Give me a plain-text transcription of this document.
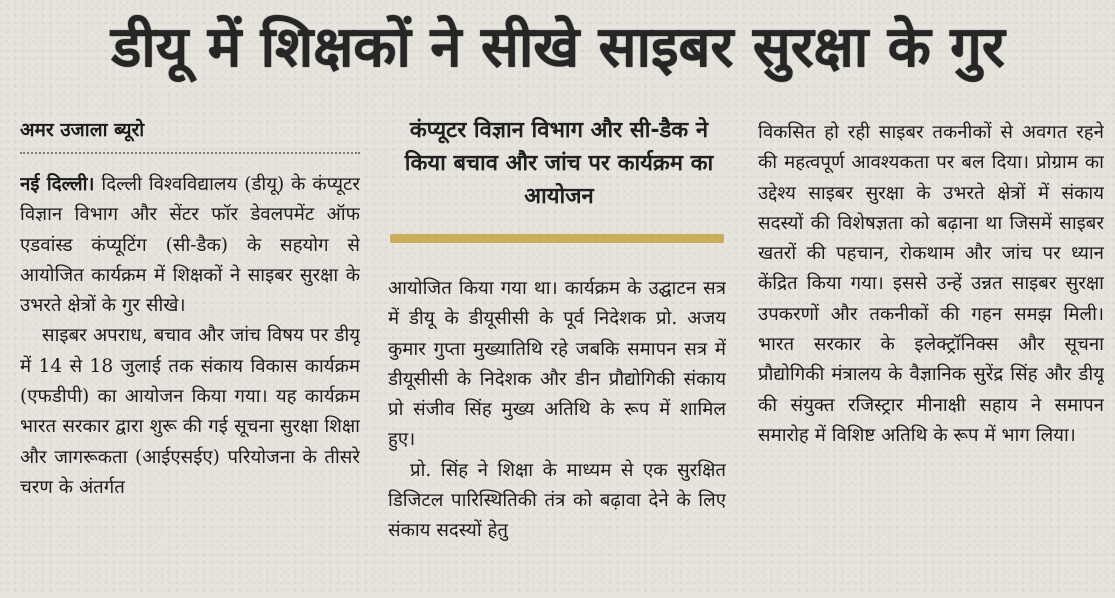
डीयू में शिक्षकों ने सीखे साइबर सुरक्षा के गुर
अमर उजाला ब्यूरो

नई दिल्ली। दिल्ली विश्वविद्यालय (डीयू) के कंप्यूटर विज्ञान विभाग और सेंटर फॉर डेवलपमेंट ऑफ एडवांस्ड कंप्यूटिंग (सी-डैक) के सहयोग से आयोजित कार्यक्रम में शिक्षकों ने साइबर सुरक्षा के उभरते क्षेत्रों के गुर सीखे।

साइबर अपराध, बचाव और जांच विषय पर डीयू में 14 से 18 जुलाई तक संकाय विकास कार्यक्रम (एफडीपी) का आयोजन किया गया। यह कार्यक्रम भारत सरकार द्वारा शुरू की गई सूचना सुरक्षा शिक्षा और जागरूकता (आईएसईए) परियोजना के तीसरे चरण के अंतर्गत

कंप्यूटर विज्ञान विभाग और सी-डैक ने किया बचाव और जांच पर कार्यक्रम का आयोजन

आयोजित किया गया था। कार्यक्रम के उद्घाटन सत्र में डीयू के डीयूसीसी के पूर्व निदेशक प्रो. अजय कुमार गुप्ता मुख्यातिथि रहे जबकि समापन सत्र में डीयूसीसी के निदेशक और डीन प्रौद्योगिकी संकाय प्रो संजीव सिंह मुख्य अतिथि के रूप में शामिल हुए।

प्रो. सिंह ने शिक्षा के माध्यम से एक सुरक्षित डिजिटल पारिस्थितिकी तंत्र को बढ़ावा देने के लिए संकाय सदस्यों हेतु

विकसित हो रही साइबर तकनीकों से अवगत रहने की महत्वपूर्ण आवश्यकता पर बल दिया। प्रोग्राम का उद्देश्य साइबर सुरक्षा के उभरते क्षेत्रों में संकाय सदस्यों की विशेषज्ञता को बढ़ाना था जिसमें साइबर खतरों की पहचान, रोकथाम और जांच पर ध्यान केंद्रित किया गया। इससे उन्हें उन्नत साइबर सुरक्षा उपकरणों और तकनीकों की गहन समझ मिली। भारत सरकार के इलेक्ट्रॉनिक्स और सूचना प्रौद्योगिकी मंत्रालय के वैज्ञानिक सुरेंद्र सिंह और डीयू की संयुक्त रजिस्ट्रार मीनाक्षी सहाय ने समापन समारोह में विशिष्ट अतिथि के रूप में भाग लिया।
